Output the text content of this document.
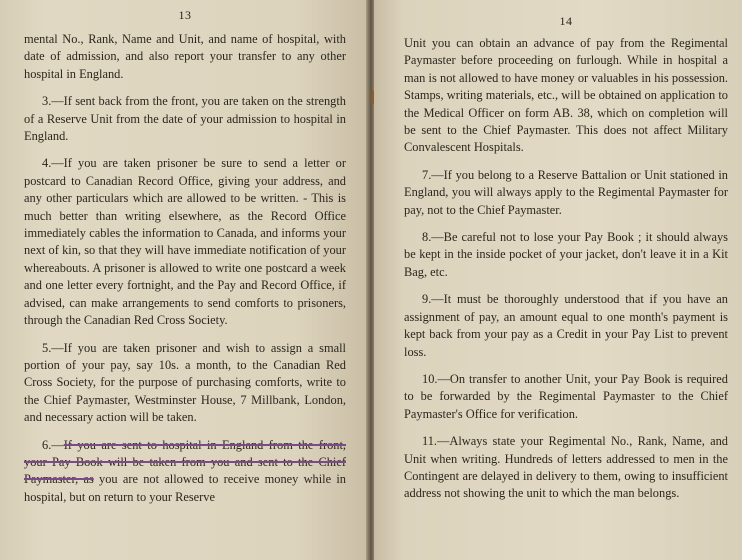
13

mental No., Rank, Name and Unit, and name of hospital, with date of admission, and also report your transfer to any other hospital in England.

3.—If sent back from the front, you are taken on the strength of a Reserve Unit from the date of your admission to hospital in England.

4.—If you are taken prisoner be sure to send a letter or postcard to Canadian Record Office, giving your address, and any other particulars which are allowed to be written. - This is much better than writing elsewhere, as the Record Office immediately cables the information to Canada, and informs your next of kin, so that they will have immediate notification of your whereabouts. A prisoner is allowed to write one postcard a week and one letter every fortnight, and the Pay and Record Office, if advised, can make arrangements to send comforts to prisoners, through the Canadian Red Cross Society.

5.—If you are taken prisoner and wish to assign a small portion of your pay, say 10s. a month, to the Canadian Red Cross Society, for the purpose of purchasing comforts, write to the Chief Paymaster, Westminster House, 7 Millbank, London, and necessary action will be taken.

6.—If you are sent to hospital in England from the front, your Pay Book will be taken from you and sent to the Chief Paymaster, as you are not allowed to receive money while in hospital, but on return to your Reserve

14

Unit you can obtain an advance of pay from the Regimental Paymaster before proceeding on furlough. While in hospital a man is not allowed to have money or valuables in his possession. Stamps, writing materials, etc., will be obtained on application to the Medical Officer on form AB. 38, which on completion will be sent to the Chief Paymaster. This does not affect Military Convalescent Hospitals.

7.—If you belong to a Reserve Battalion or Unit stationed in England, you will always apply to the Regimental Paymaster for pay, not to the Chief Paymaster.

8.—Be careful not to lose your Pay Book ; it should always be kept in the inside pocket of your jacket, don't leave it in a Kit Bag, etc.

9.—It must be thoroughly understood that if you have an assignment of pay, an amount equal to one month's payment is kept back from your pay as a Credit in your Pay List to prevent loss.

10.—On transfer to another Unit, your Pay Book is required to be forwarded by the Regimental Paymaster to the Chief Paymaster's Office for verification.

11.—Always state your Regimental No., Rank, Name, and Unit when writing. Hundreds of letters addressed to men in the Contingent are delayed in delivery to them, owing to insufficient address not showing the unit to which the man belongs.
